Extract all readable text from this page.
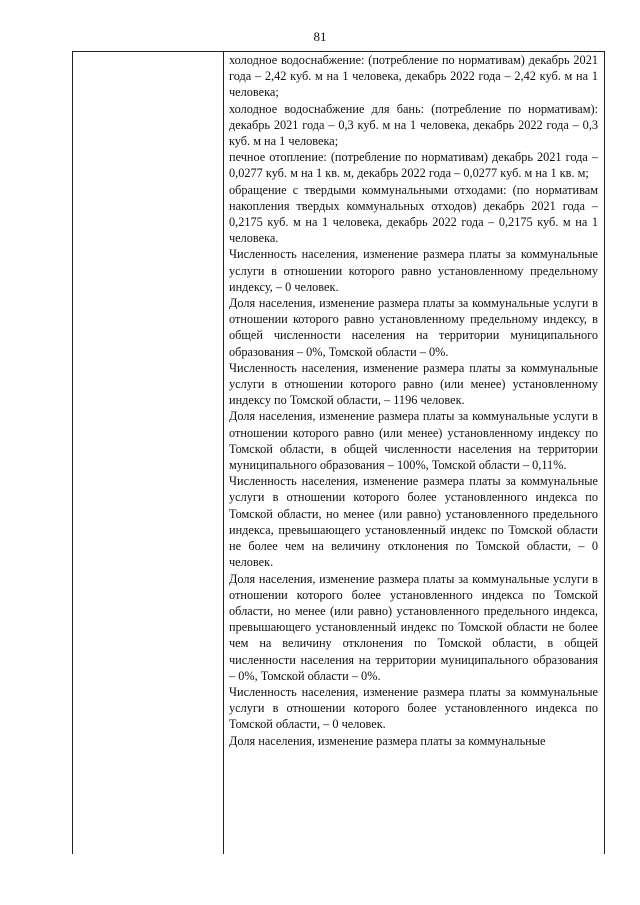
81

холодное водоснабжение: (потребление по нормативам) декабрь 2021 года – 2,42 куб. м на 1 человека, декабрь 2022 года – 2,42 куб. м на 1 человека;

холодное водоснабжение для бань: (потребление по нормативам): декабрь 2021 года – 0,3 куб. м на 1 человека, декабрь 2022 года – 0,3 куб. м на 1 человека;

печное отопление: (потребление по нормативам) декабрь 2021 года – 0,0277 куб. м на 1 кв. м, декабрь 2022 года – 0,0277 куб. м на 1 кв. м;

обращение с твердыми коммунальными отходами: (по нормативам накопления твердых коммунальных отходов) декабрь 2021 года – 0,2175 куб. м на 1 человека, декабрь 2022 года – 0,2175 куб. м на 1 человека.

Численность населения, изменение размера платы за коммунальные услуги в отношении которого равно установленному предельному индексу, – 0 человек.

Доля населения, изменение размера платы за коммунальные услуги в отношении которого равно установленному предельному индексу, в общей численности населения на территории муниципального образования – 0%, Томской области – 0%.

Численность населения, изменение размера платы за коммунальные услуги в отношении которого равно (или менее) установленному индексу по Томской области, – 1196 человек.

Доля населения, изменение размера платы за коммунальные услуги в отношении которого равно (или менее) установленному индексу по Томской области, в общей численности населения на территории муниципального образования – 100%, Томской области – 0,11%.

Численность населения, изменение размера платы за коммунальные услуги в отношении которого более установленного индекса по Томской области, но менее (или равно) установленного предельного индекса, превышающего установленный индекс по Томской области не более чем на величину отклонения по Томской области, – 0 человек.

Доля населения, изменение размера платы за коммунальные услуги в отношении которого более установленного индекса по Томской области, но менее (или равно) установленного предельного индекса, превышающего установленный индекс по Томской области не более чем на величину отклонения по Томской области, в общей численности населения на территории муниципального образования – 0%, Томской области – 0%.

Численность населения, изменение размера платы за коммунальные услуги в отношении которого более установленного индекса по Томской области, – 0 человек.

Доля населения, изменение размера платы за коммунальные
